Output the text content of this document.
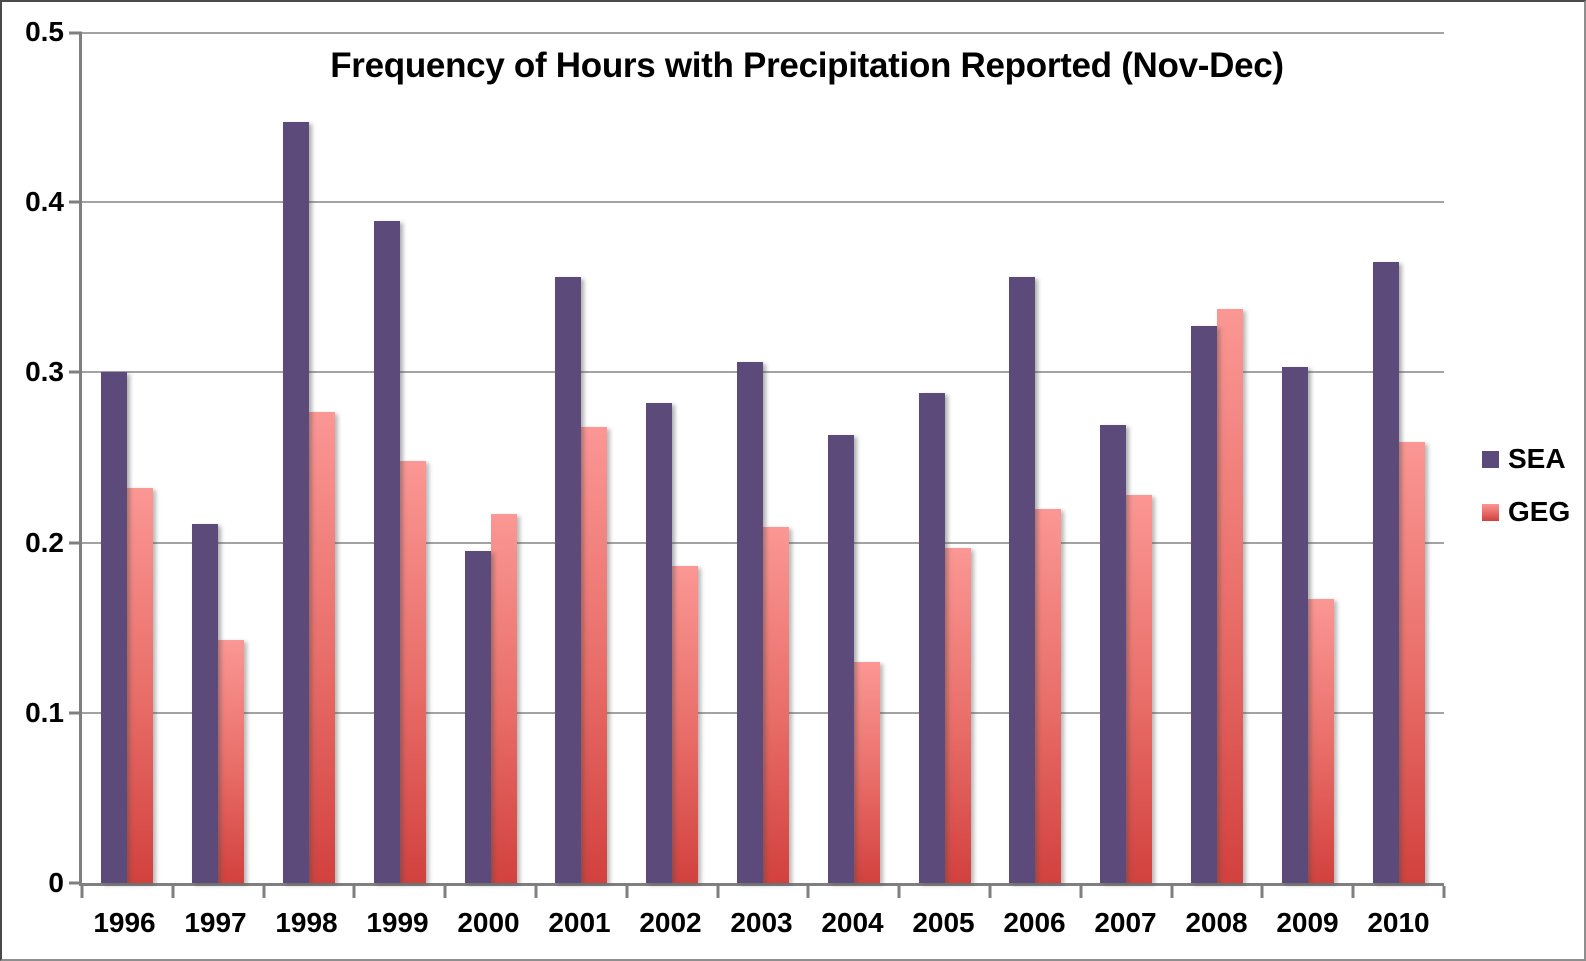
Frequency of Hours with Precipitation Reported (Nov-Dec)
0.5
0.4
0.3
0.2
0.1
0
1996	1997	1998	1999	2000	2001	2002	2003	2004	2005	2006	2007	2008	2009	2010
SEA
GEG
